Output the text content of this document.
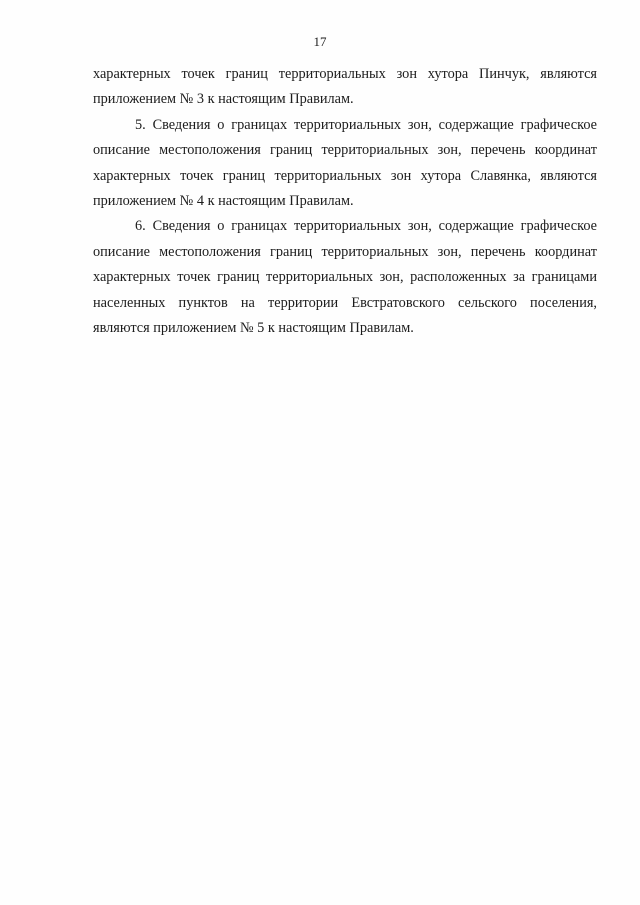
17

характерных точек границ территориальных зон хутора Пинчук, являются приложением № 3 к настоящим Правилам.

5. Сведения о границах территориальных зон, содержащие графическое описание местоположения границ территориальных зон, перечень координат характерных точек границ территориальных зон хутора Славянка, являются приложением № 4 к настоящим Правилам.

6. Сведения о границах территориальных зон, содержащие графическое описание местоположения границ территориальных зон, перечень координат характерных точек границ территориальных зон, расположенных за границами населенных пунктов на территории Евстратовского сельского поселения, являются приложением № 5 к настоящим Правилам.
